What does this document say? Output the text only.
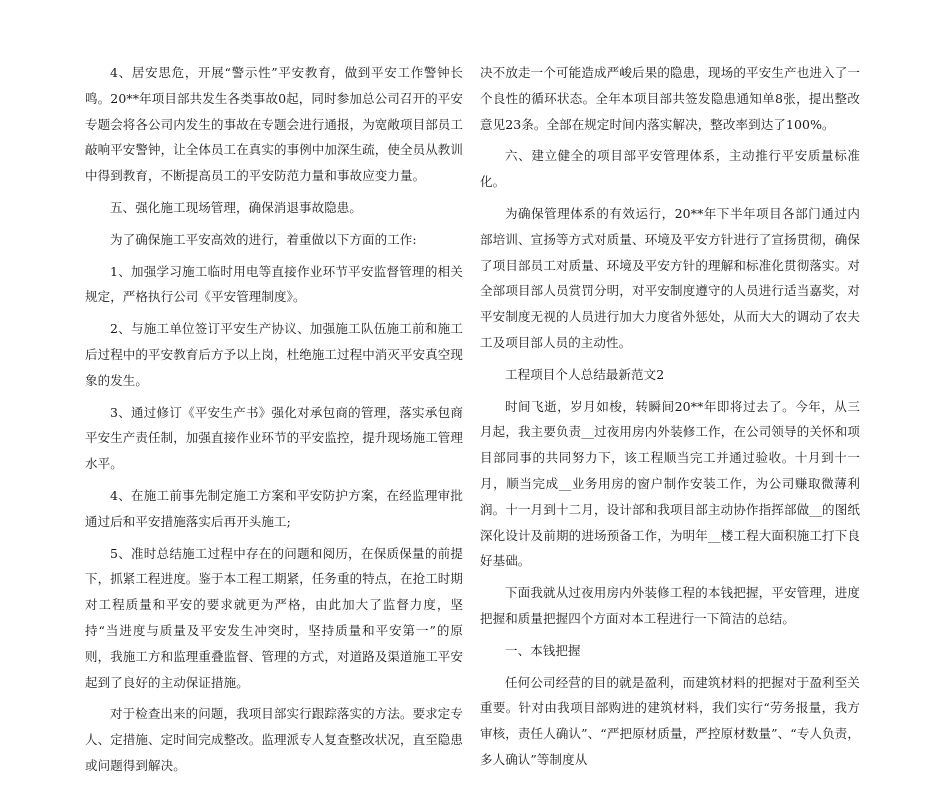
4、居安思危，开展“警示性”平安教育，做到平安工作警钟长鸣。20**年项目部共发生各类事故0起，同时参加总公司召开的平安专题会将各公司内发生的事故在专题会进行通报，为宽敞项目部员工敲响平安警钟，让全体员工在真实的事例中加深生疏，使全员从教训中得到教育，不断提高员工的平安防范力量和事故应变力量。

五、强化施工现场管理，确保消退事故隐患。

为了确保施工平安高效的进行，着重做以下方面的工作:

1、加强学习施工临时用电等直接作业环节平安监督管理的相关规定，严格执行公司《平安管理制度》。

2、与施工单位签订平安生产协议、加强施工队伍施工前和施工后过程中的平安教育后方予以上岗，杜绝施工过程中消灭平安真空现象的发生。

3、通过修订《平安生产书》强化对承包商的管理，落实承包商平安生产责任制，加强直接作业环节的平安监控，提升现场施工管理水平。

4、在施工前事先制定施工方案和平安防护方案，在经监理审批通过后和平安措施落实后再开头施工;

5、准时总结施工过程中存在的问题和阅历，在保质保量的前提下，抓紧工程进度。鉴于本工程工期紧，任务重的特点，在抢工时期对工程质量和平安的要求就更为严格，由此加大了监督力度，坚持“当进度与质量及平安发生冲突时，坚持质量和平安第一”的原则，我施工方和监理重叠监督、管理的方式，对道路及渠道施工平安起到了良好的主动保证措施。

对于检查出来的问题，我项目部实行跟踪落实的方法。要求定专人、定措施、定时间完成整改。监理派专人复查整改状况，直至隐患或问题得到解决。

决不放走一个可能造成严峻后果的隐患，现场的平安生产也进入了一个良性的循环状态。全年本项目部共签发隐患通知单8张，提出整改意见23条。全部在规定时间内落实解决，整改率到达了100%。

六、建立健全的项目部平安管理体系，主动推行平安质量标准化。

为确保管理体系的有效运行，20**年下半年项目各部门通过内部培训、宣扬等方式对质量、环境及平安方针进行了宣扬贯彻，确保了项目部员工对质量、环境及平安方针的理解和标准化贯彻落实。对全部项目部人员赏罚分明，对平安制度遵守的人员进行适当嘉奖，对平安制度无视的人员进行加大力度省外惩处，从而大大的调动了农夫工及项目部人员的主动性。

工程项目个人总结最新范文2

时间飞逝，岁月如梭，转瞬间20**年即将过去了。今年，从三月起，我主要负责__过夜用房内外装修工作，在公司领导的关怀和项目部同事的共同努力下，该工程顺当完工并通过验收。十月到十一月，顺当完成__业务用房的窗户制作安装工作，为公司赚取微薄利润。十一月到十二月，设计部和我项目部主动协作指挥部做__的图纸深化设计及前期的进场预备工作，为明年__楼工程大面积施工打下良好基础。

下面我就从过夜用房内外装修工程的本钱把握，平安管理，进度把握和质量把握四个方面对本工程进行一下简洁的总结。

一、本钱把握

任何公司经营的目的就是盈利，而建筑材料的把握对于盈利至关重要。针对由我项目部购进的建筑材料，我们实行“劳务报量，我方审核，责任人确认”、“严把原材质量，严控原材数量”、“专人负责，多人确认”等制度从
